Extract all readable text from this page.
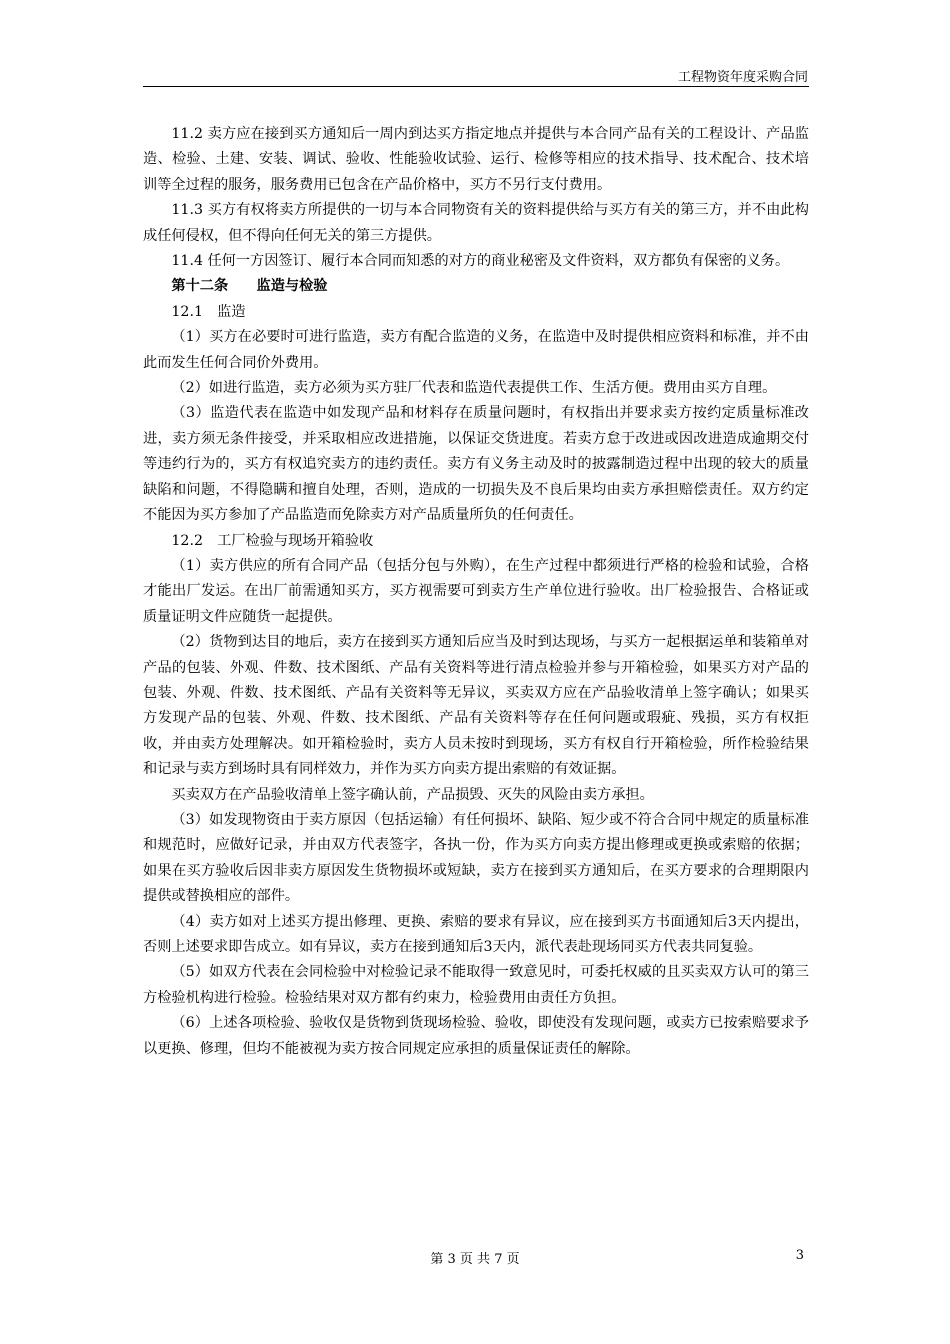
工程物资年度采购合同

11.2 卖方应在接到买方通知后一周内到达买方指定地点并提供与本合同产品有关的工程设计、产品监造、检验、土建、安装、调试、验收、性能验收试验、运行、检修等相应的技术指导、技术配合、技术培训等全过程的服务，服务费用已包含在产品价格中，买方不另行支付费用。

11.3 买方有权将卖方所提供的一切与本合同物资有关的资料提供给与买方有关的第三方，并不由此构成任何侵权，但不得向任何无关的第三方提供。

11.4 任何一方因签订、履行本合同而知悉的对方的商业秘密及文件资料，双方都负有保密的义务。

第十二条　　监造与检验

12.1　监造

（1）买方在必要时可进行监造，卖方有配合监造的义务，在监造中及时提供相应资料和标准，并不由此而发生任何合同价外费用。

（2）如进行监造，卖方必须为买方驻厂代表和监造代表提供工作、生活方便。费用由买方自理。

（3）监造代表在监造中如发现产品和材料存在质量问题时，有权指出并要求卖方按约定质量标准改进，卖方须无条件接受，并采取相应改进措施，以保证交货进度。若卖方怠于改进或因改进造成逾期交付等违约行为的，买方有权追究卖方的违约责任。卖方有义务主动及时的披露制造过程中出现的较大的质量缺陷和问题，不得隐瞒和擅自处理，否则，造成的一切损失及不良后果均由卖方承担赔偿责任。双方约定不能因为买方参加了产品监造而免除卖方对产品质量所负的任何责任。

12.2　工厂检验与现场开箱验收

（1）卖方供应的所有合同产品（包括分包与外购），在生产过程中都须进行严格的检验和试验，合格才能出厂发运。在出厂前需通知买方，买方视需要可到卖方生产单位进行验收。出厂检验报告、合格证或质量证明文件应随货一起提供。

（2）货物到达目的地后，卖方在接到买方通知后应当及时到达现场，与买方一起根据运单和装箱单对产品的包装、外观、件数、技术图纸、产品有关资料等进行清点检验并参与开箱检验，如果买方对产品的包装、外观、件数、技术图纸、产品有关资料等无异议，买卖双方应在产品验收清单上签字确认；如果买方发现产品的包装、外观、件数、技术图纸、产品有关资料等存在任何问题或瑕疵、残损，买方有权拒收，并由卖方处理解决。如开箱检验时，卖方人员未按时到现场，买方有权自行开箱检验，所作检验结果和记录与卖方到场时具有同样效力，并作为买方向卖方提出索赔的有效证据。

买卖双方在产品验收清单上签字确认前，产品损毁、灭失的风险由卖方承担。

（3）如发现物资由于卖方原因（包括运输）有任何损坏、缺陷、短少或不符合合同中规定的质量标准和规范时，应做好记录，并由双方代表签字，各执一份，作为买方向卖方提出修理或更换或索赔的依据；如果在买方验收后因非卖方原因发生货物损坏或短缺，卖方在接到买方通知后，在买方要求的合理期限内提供或替换相应的部件。

（4）卖方如对上述买方提出修理、更换、索赔的要求有异议，应在接到买方书面通知后3天内提出，否则上述要求即告成立。如有异议，卖方在接到通知后3天内，派代表赴现场同买方代表共同复验。

（5）如双方代表在会同检验中对检验记录不能取得一致意见时，可委托权威的且买卖双方认可的第三方检验机构进行检验。检验结果对双方都有约束力，检验费用由责任方负担。

（6）上述各项检验、验收仅是货物到货现场检验、验收，即使没有发现问题，或卖方已按索赔要求予以更换、修理，但均不能被视为卖方按合同规定应承担的质量保证责任的解除。

第 3 页 共 7 页	3
